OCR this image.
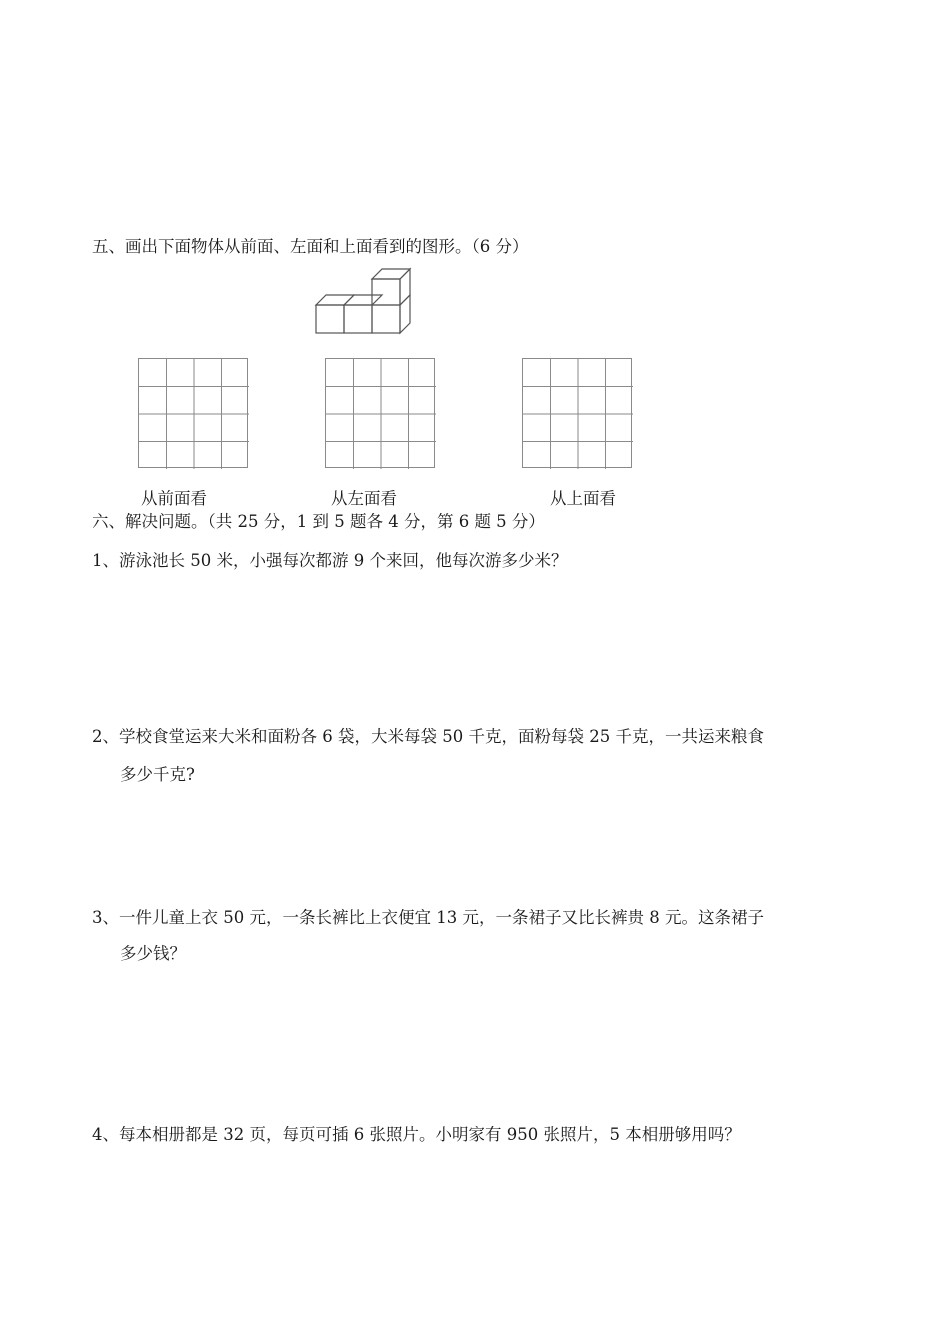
五、画出下面物体从前面、左面和上面看到的图形。（6 分）
从前面看	从左面看	从上面看
六、解决问题。（共 25 分，1 到 5 题各 4 分，第 6 题 5 分）
1、游泳池长 50 米，小强每次都游 9 个来回，他每次游多少米？
2、学校食堂运来大米和面粉各 6 袋，大米每袋 50 千克，面粉每袋 25 千克，一共运来粮食
多少千克?
3、一件儿童上衣 50 元，一条长裤比上衣便宜 13 元，一条裙子又比长裤贵 8 元。这条裙子
多少钱？
4、每本相册都是 32 页，每页可插 6 张照片。小明家有 950 张照片，5 本相册够用吗？
